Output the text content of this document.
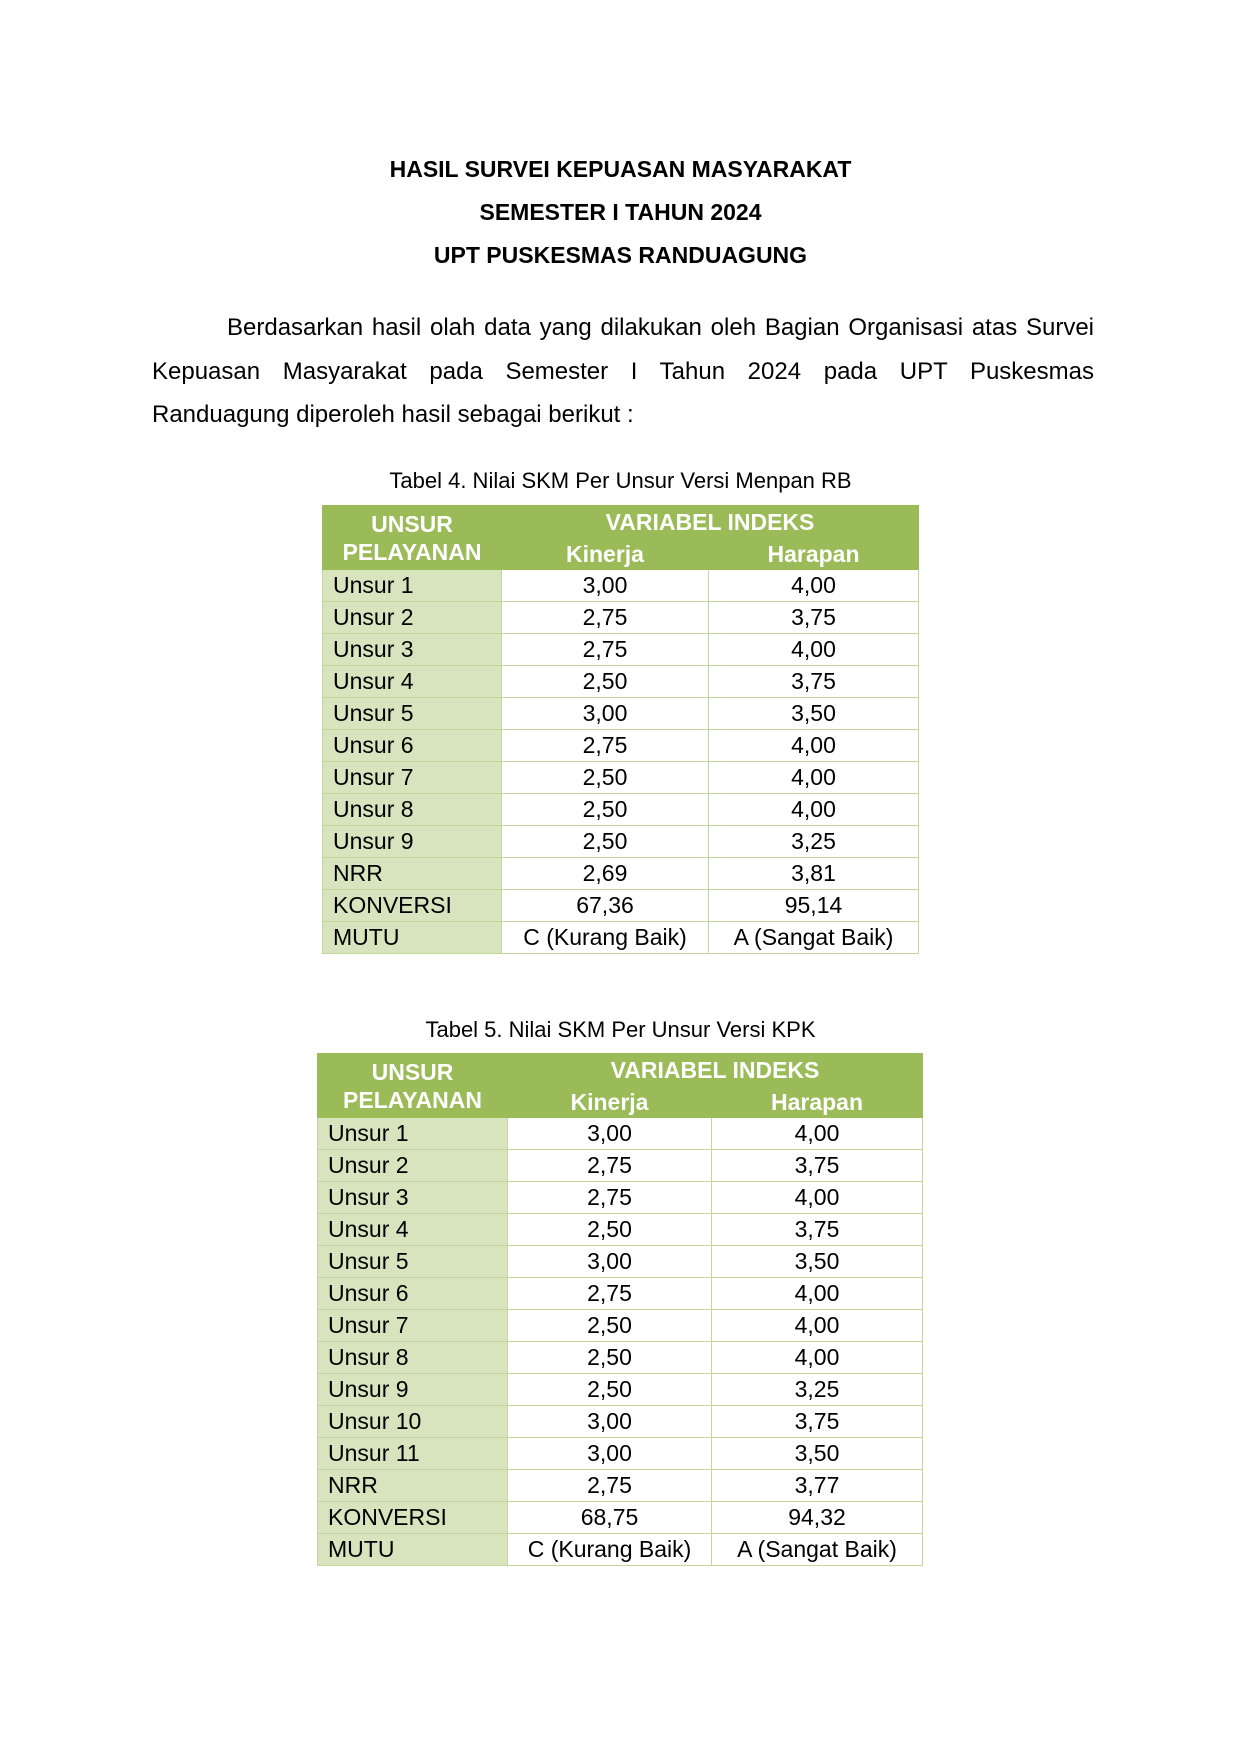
HASIL SURVEI KEPUASAN MASYARAKAT
SEMESTER I TAHUN 2024
UPT PUSKESMAS RANDUAGUNG

Berdasarkan hasil olah data yang dilakukan oleh Bagian Organisasi atas Survei Kepuasan Masyarakat pada Semester I Tahun 2024 pada UPT Puskesmas Randuagung diperoleh hasil sebagai berikut :

Tabel 4. Nilai SKM Per Unsur Versi Menpan RB
UNSUR
PELAYANAN	VARIABEL INDEKS	
	Kinerja	Harapan
Unsur 1	3,00	4,00
Unsur 2	2,75	3,75
Unsur 3	2,75	4,00
Unsur 4	2,50	3,75
Unsur 5	3,00	3,50
Unsur 6	2,75	4,00
Unsur 7	2,50	4,00
Unsur 8	2,50	4,00
Unsur 9	2,50	3,25
NRR	2,69	3,81
KONVERSI	67,36	95,14
MUTU	C (Kurang Baik)	A (Sangat Baik)
Tabel 5. Nilai SKM Per Unsur Versi KPK
UNSUR
PELAYANAN	VARIABEL INDEKS	
	Kinerja	Harapan
Unsur 1	3,00	4,00
Unsur 2	2,75	3,75
Unsur 3	2,75	4,00
Unsur 4	2,50	3,75
Unsur 5	3,00	3,50
Unsur 6	2,75	4,00
Unsur 7	2,50	4,00
Unsur 8	2,50	4,00
Unsur 9	2,50	3,25
Unsur 10	3,00	3,75
Unsur 11	3,00	3,50
NRR	2,75	3,77
KONVERSI	68,75	94,32
MUTU	C (Kurang Baik)	A (Sangat Baik)
